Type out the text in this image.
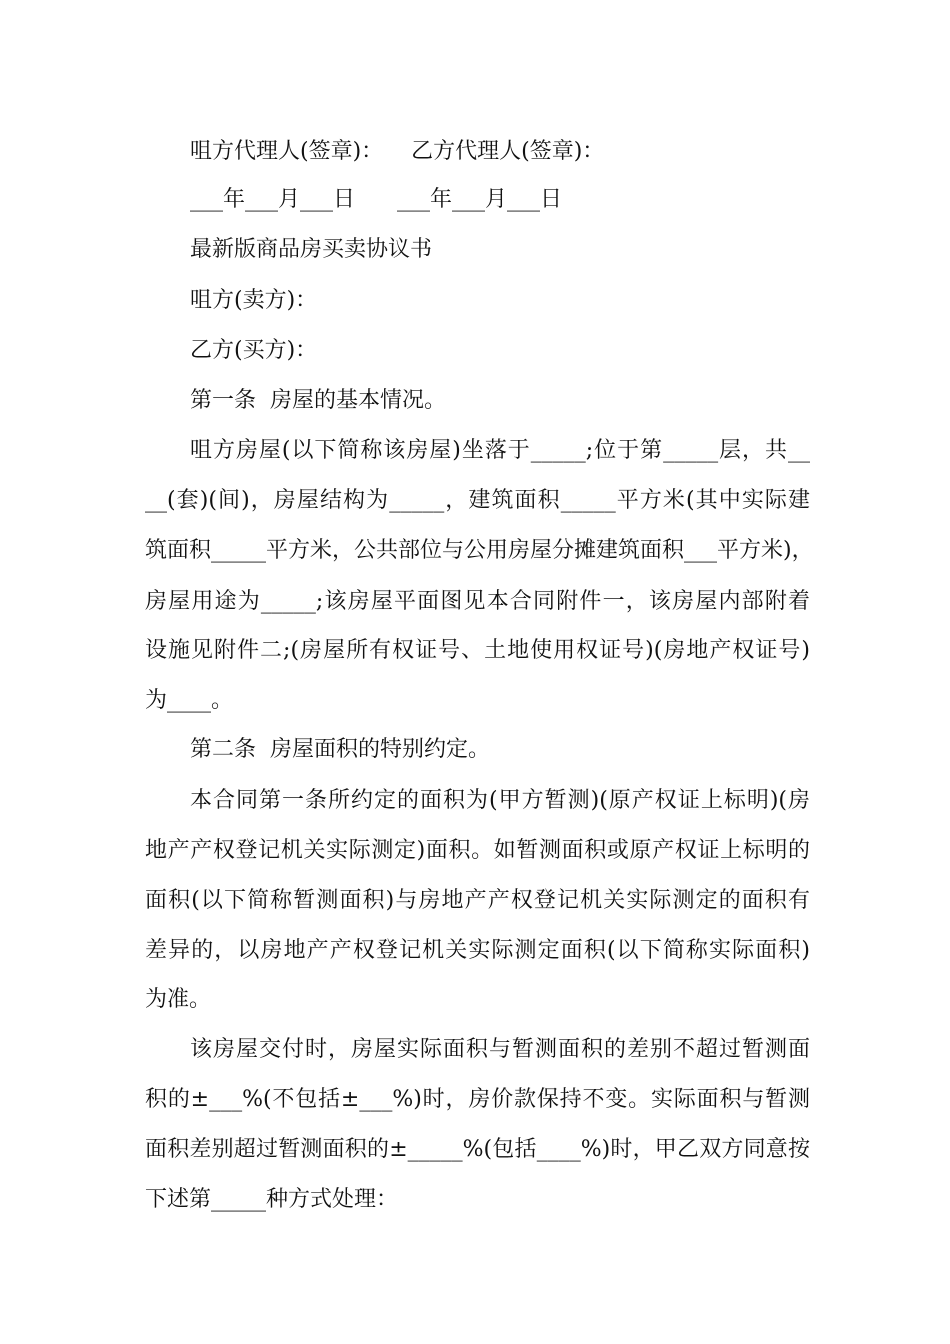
咀方代理人(签章)：    乙方代理人(签章)：
___年___月___日      ___年___月___日
最新版商品房买卖协议书
咀方(卖方)：
乙方(买方)：
第一条  房屋的基本情况。
咀方房屋(以下简称该房屋)坐落于_____;位于第_____层，共__
__(套)(间)，房屋结构为_____，建筑面积_____平方米(其中实际建
筑面积_____平方米，公共部位与公用房屋分摊建筑面积___平方米)，
房屋用途为_____;该房屋平面图见本合同附件一，该房屋内部附着
设施见附件二;(房屋所有权证号、土地使用权证号)(房地产权证号)
为____。
第二条  房屋面积的特别约定。
本合同第一条所约定的面积为(甲方暂测)(原产权证上标明)(房
地产产权登记机关实际测定)面积。如暂测面积或原产权证上标明的
面积(以下简称暂测面积)与房地产产权登记机关实际测定的面积有
差异的，以房地产产权登记机关实际测定面积(以下简称实际面积)
为准。
该房屋交付时，房屋实际面积与暂测面积的差别不超过暂测面
积的±___%(不包括±___%)时，房价款保持不变。实际面积与暂测
面积差别超过暂测面积的±_____%(包括____%)时，甲乙双方同意按
下述第_____种方式处理：
